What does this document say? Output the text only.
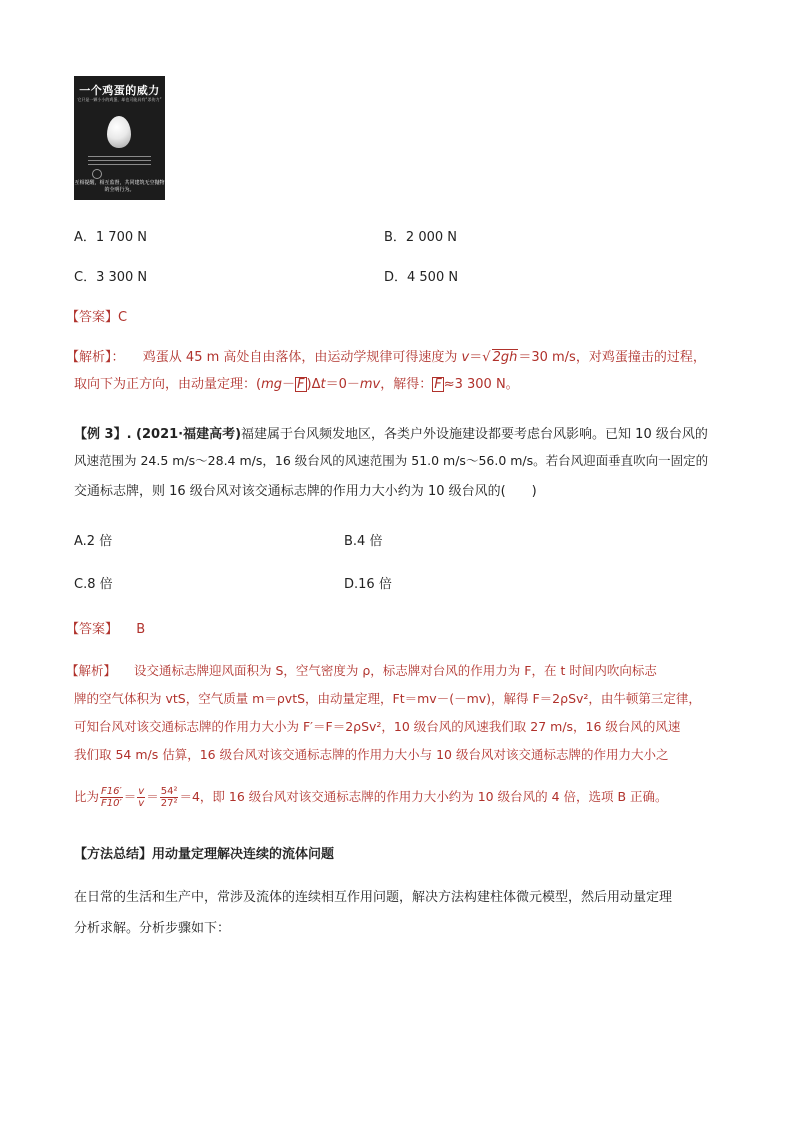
一个鸡蛋的威力
它只是一颗小小的鸡蛋，却也可能具有“杀伤力”
互相提醒，相互监督，共同建筑无空抛物的全明行为。
A．1 700 N	B．2 000 N
C．3 300 N	D．4 500 N
【答案】C
【解析】： 鸡蛋从 45 m 高处自由落体，由运动学规律可得速度为 v＝√ 2gh＝30 m/s，对鸡蛋撞击的过程，
取向下为正方向，由动量定理：(mg－ F )Δt＝0－mv，解得： F ≈3 300 N。
【例 3】. (2021·福建高考)福建属于台风频发地区，各类户外设施建设都要考虑台风影响。已知 10 级台风的
风速范围为 24.5 m/s～28.4 m/s，16 级台风的风速范围为 51.0 m/s～56.0 m/s。若台风迎面垂直吹向一固定的
交通标志牌，则 16 级台风对该交通标志牌的作用力大小约为 10 级台风的(　　)
A.2 倍	B.4 倍
C.8 倍	D.16 倍
【答案】 B
【解析】 设交通标志牌迎风面积为 S，空气密度为 ρ，标志牌对台风的作用力为 F，在 t 时间内吹向标志
牌的空气体积为 vtS，空气质量 m＝ρvtS，由动量定理，Ft＝mv－(－mv)，解得 F＝2ρSv²，由牛顿第三定律，
可知台风对该交通标志牌的作用力大小为 F′＝F＝2ρSv²，10 级台风的风速我们取 27 m/s，16 级台风的风速
我们取 54 m/s 估算，16 级台风对该交通标志牌的作用力大小与 10 级台风对该交通标志牌的作用力大小之
比为 $\frac{F16'}{F10'} = \frac{v}{v} = \frac{\text{54²}}{\text{27²}} =4$，即 16 级台风对该交通标志牌的作用力大小约为 10 级台风的 4 倍，选项 B 正确。
【方法总结】用动量定理解决连续的流体问题
在日常的生活和生产中，常涉及流体的连续相互作用问题，解决方法构建柱体微元模型，然后用动量定理
分析求解。分析步骤如下：
